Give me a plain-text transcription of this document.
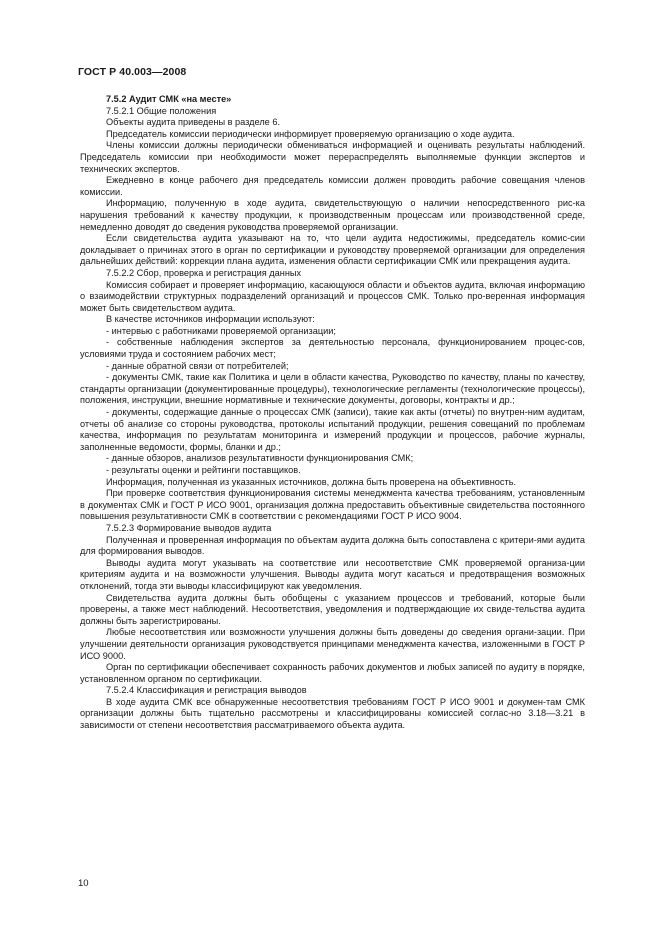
ГОСТ Р 40.003—2008

7.5.2 Аудит СМК «на месте»

7.5.2.1 Общие положения

Объекты аудита приведены в разделе 6.

Председатель комиссии периодически информирует проверяемую организацию о ходе аудита.

Члены комиссии должны периодически обмениваться информацией и оценивать результаты наблюдений. Председатель комиссии при необходимости может перераспределять выполняемые функции экспертов и технических экспертов.

Ежедневно в конце рабочего дня председатель комиссии должен проводить рабочие совещания членов комиссии.

Информацию, полученную в ходе аудита, свидетельствующую о наличии непосредственного рис-ка нарушения требований к качеству продукции, к производственным процессам или производственной среде, немедленно доводят до сведения руководства проверяемой организации.

Если свидетельства аудита указывают на то, что цели аудита недостижимы, председатель комис-сии докладывает о причинах этого в орган по сертификации и руководству проверяемой организации для определения дальнейших действий: коррекции плана аудита, изменения области сертификации СМК или прекращения аудита.

7.5.2.2 Сбор, проверка и регистрация данных

Комиссия собирает и проверяет информацию, касающуюся области и объектов аудита, включая информацию о взаимодействии структурных подразделений организаций и процессов СМК. Только про-веренная информация может быть свидетельством аудита.

В качестве источников информации используют:

- интервью с работниками проверяемой организации;

- собственные наблюдения экспертов за деятельностью персонала, функционированием процес-сов, условиями труда и состоянием рабочих мест;

- данные обратной связи от потребителей;

- документы СМК, такие как Политика и цели в области качества, Руководство по качеству, планы по качеству, стандарты организации (документированные процедуры), технологические регламенты (технологические процессы), положения, инструкции, внешние нормативные и технические документы, договоры, контракты и др.;

- документы, содержащие данные о процессах СМК (записи), такие как акты (отчеты) по внутрен-ним аудитам, отчеты об анализе со стороны руководства, протоколы испытаний продукции, решения совещаний по проблемам качества, информация по результатам мониторинга и измерений продукции и процессов, рабочие журналы, заполненные ведомости, формы, бланки и др.;

- данные обзоров, анализов результативности функционирования СМК;

- результаты оценки и рейтинги поставщиков.

Информация, полученная из указанных источников, должна быть проверена на объективность.

При проверке соответствия функционирования системы менеджмента качества требованиям, установленным в документах СМК и ГОСТ Р ИСО 9001, организация должна предоставить объективные свидетельства постоянного повышения результативности СМК в соответствии с рекомендациями ГОСТ Р ИСО 9004.

7.5.2.3 Формирование выводов аудита

Полученная и проверенная информация по объектам аудита должна быть сопоставлена с критери-ями аудита для формирования выводов.

Выводы аудита могут указывать на соответствие или несоответствие СМК проверяемой организа-ции критериям аудита и на возможности улучшения. Выводы аудита могут касаться и предотвращения возможных отклонений, тогда эти выводы классифицируют как уведомления.

Свидетельства аудита должны быть обобщены с указанием процессов и требований, которые были проверены, а также мест наблюдений. Несоответствия, уведомления и подтверждающие их свиде-тельства аудита должны быть зарегистрированы.

Любые несоответствия или возможности улучшения должны быть доведены до сведения органи-зации. При улучшении деятельности организация руководствуется принципами менеджмента качества, изложенными в ГОСТ Р ИСО 9000.

Орган по сертификации обеспечивает сохранность рабочих документов и любых записей по аудиту в порядке, установленном органом по сертификации.

7.5.2.4 Классификация и регистрация выводов

В ходе аудита СМК все обнаруженные несоответствия требованиям ГОСТ Р ИСО 9001 и докумен-там СМК организации должны быть тщательно рассмотрены и классифицированы комиссией соглас-но 3.18—3.21 в зависимости от степени несоответствия рассматриваемого объекта аудита.

10
